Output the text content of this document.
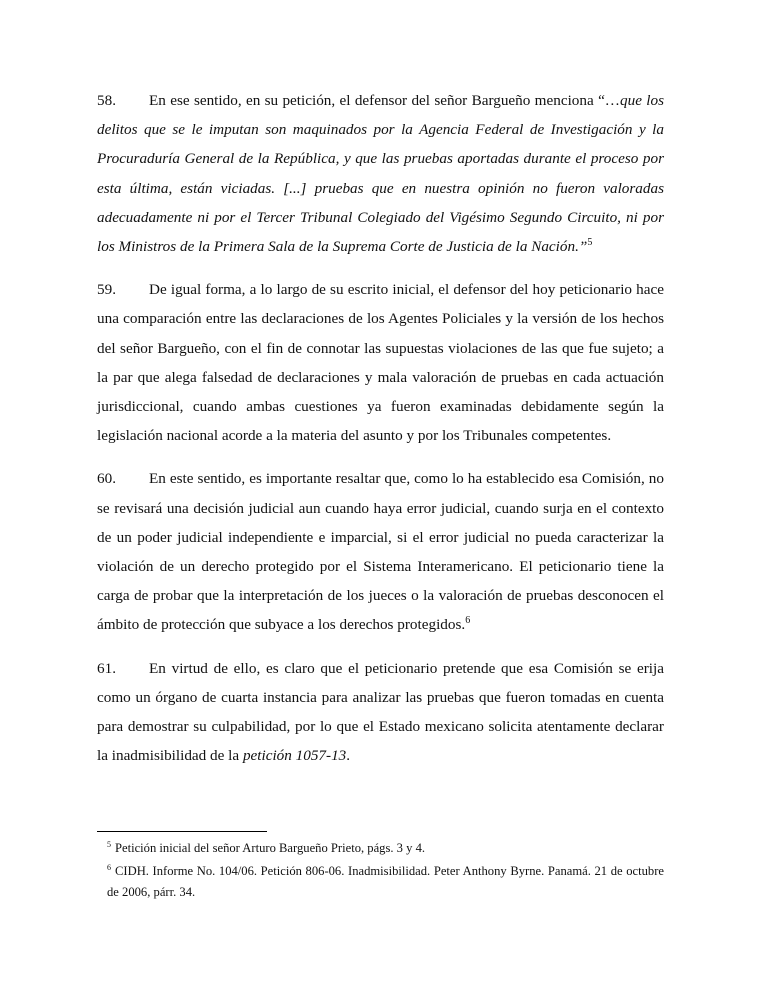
58. En ese sentido, en su petición, el defensor del señor Bargueño menciona “…que los delitos que se le imputan son maquinados por la Agencia Federal de Investigación y la Procuraduría General de la República, y que las pruebas aportadas durante el proceso por esta última, están viciadas. [...] pruebas que en nuestra opinión no fueron valoradas adecuadamente ni por el Tercer Tribunal Colegiado del Vigésimo Segundo Circuito, ni por los Ministros de la Primera Sala de la Suprema Corte de Justicia de la Nación.”$^5$

59. De igual forma, a lo largo de su escrito inicial, el defensor del hoy peticionario hace una comparación entre las declaraciones de los Agentes Policiales y la versión de los hechos del señor Bargueño, con el fin de connotar las supuestas violaciones de las que fue sujeto; a la par que alega falsedad de declaraciones y mala valoración de pruebas en cada actuación jurisdiccional, cuando ambas cuestiones ya fueron examinadas debidamente según la legislación nacional acorde a la materia del asunto y por los Tribunales competentes.

60. En este sentido, es importante resaltar que, como lo ha establecido esa Comisión, no se revisará una decisión judicial aun cuando haya error judicial, cuando surja en el contexto de un poder judicial independiente e imparcial, si el error judicial no pueda caracterizar la violación de un derecho protegido por el Sistema Interamericano. El peticionario tiene la carga de probar que la interpretación de los jueces o la valoración de pruebas desconocen el ámbito de protección que subyace a los derechos protegidos.$^6$

61. En virtud de ello, es claro que el peticionario pretende que esa Comisión se erija como un órgano de cuarta instancia para analizar las pruebas que fueron tomadas en cuenta para demostrar su culpabilidad, por lo que el Estado mexicano solicita atentamente declarar la inadmisibilidad de la petición 1057-13.

$^5$ Petición inicial del señor Arturo Bargueño Prieto, págs. 3 y 4.

$^6$ CIDH. Informe No. 104/06. Petición 806-06. Inadmisibilidad. Peter Anthony Byrne. Panamá. 21 de octubre de 2006, párr. 34.
